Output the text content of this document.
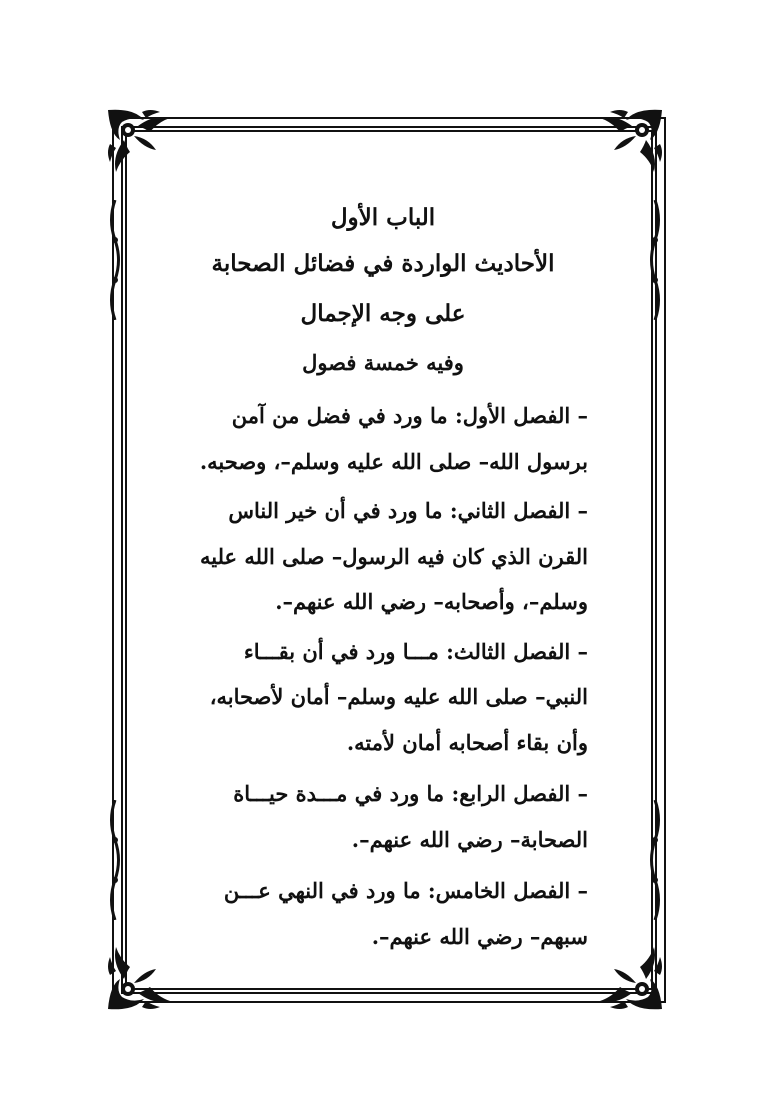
الباب الأول

الأحاديث الواردة في فضائل الصحابة

على وجه الإجمال

وفيه خمسة فصول

– الفصل الأول: ما ورد في فضل من آمن

برسول الله– صلى الله عليه وسلم–، وصحبه.

– الفصل الثاني: ما ورد في أن خير الناس

القرن الذي كان فيه الرسول– صلى الله عليه

وسلم–، وأصحابه– رضي الله عنهم–.

– الفصل الثالث: مـــا ورد في أن بقـــاء

النبي– صلى الله عليه وسلم– أمان لأصحابه،

وأن بقاء أصحابه أمان لأمته.

– الفصل الرابع: ما ورد في مـــدة حيـــاة

الصحابة– رضي الله عنهم–.

– الفصل الخامس: ما ورد في النهي عـــن

سبهم– رضي الله عنهم–.
